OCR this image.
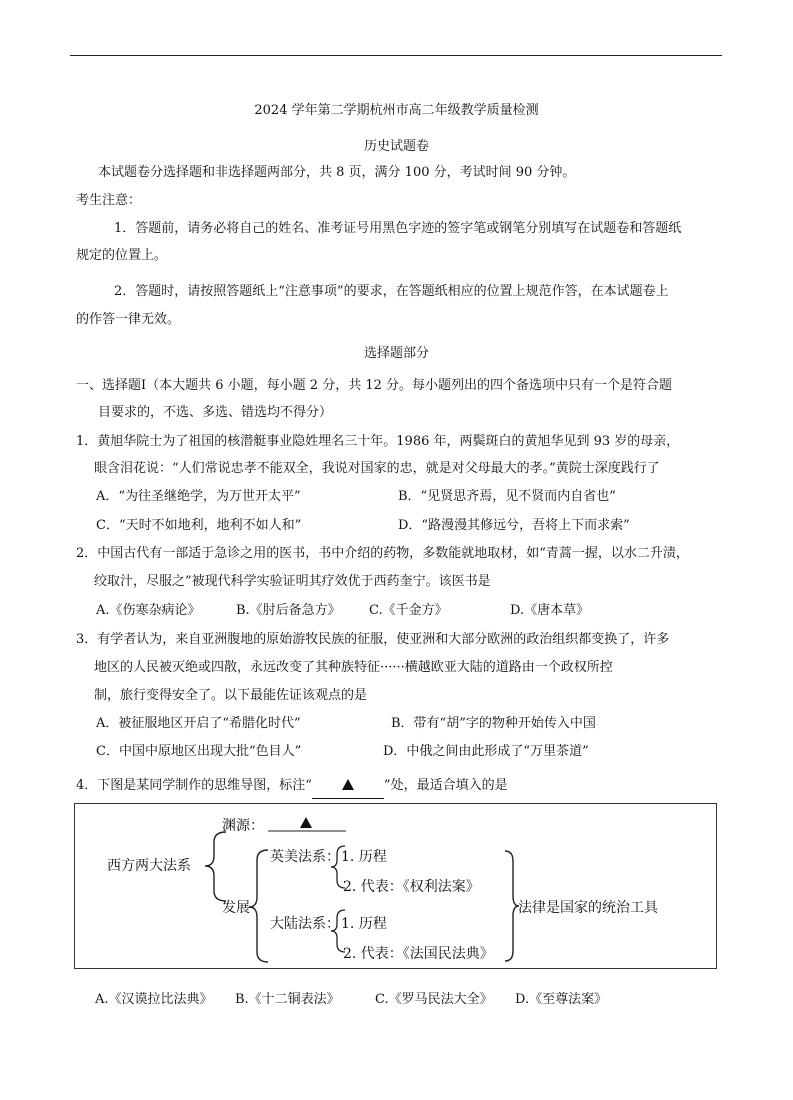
2024 学年第二学期杭州市高二年级教学质量检测
历史试题卷
本试题卷分选择题和非选择题两部分，共 8 页，满分 100 分，考试时间 90 分钟。
考生注意：
1．答题前，请务必将自己的姓名、准考证号用黑色字迹的签字笔或钢笔分别填写在试题卷和答题纸
规定的位置上。
2．答题时，请按照答题纸上“注意事项”的要求，在答题纸相应的位置上规范作答，在本试题卷上
的作答一律无效。
选择题部分
一、选择题Ⅰ（本大题共 6 小题，每小题 2 分，共 12 分。每小题列出的四个备选项中只有一个是符合题
目要求的，不选、多选、错选均不得分）
1．黄旭华院士为了祖国的核潜艇事业隐姓埋名三十年。1986 年，两鬓斑白的黄旭华见到 93 岁的母亲，
眼含泪花说：“人们常说忠孝不能双全，我说对国家的忠，就是对父母最大的孝。”黄院士深度践行了
A．“为往圣继绝学，为万世开太平”	B．“见贤思齐焉，见不贤而内自省也”
C．“天时不如地利，地利不如人和”	D．“路漫漫其修远兮，吾将上下而求索”
2．中国古代有一部适于急诊之用的医书，书中介绍的药物，多数能就地取材，如“青蒿一握，以水二升渍，
绞取汁，尽服之”被现代科学实验证明其疗效优于西药奎宁。该医书是
A.《伤寒杂病论》	B.《肘后备急方》 C.《千金方》	D.《唐本草》
3．有学者认为，来自亚洲腹地的原始游牧民族的征服，使亚洲和大部分欧洲的政治组织都变换了，许多
地区的人民被灭绝或四散，永远改变了其种族特征······横越欧亚大陆的道路由一个政权所控
制，旅行变得安全了。以下最能佐证该观点的是
A．被征服地区开启了“希腊化时代”	B．带有“胡”字的物种开始传入中国
C．中国中原地区出现大批“色目人”	D．中俄之间由此形成了“万里茶道”
4．下图是某同学制作的思维导图，标注“	”处，最适合填入的是
西方两大法系
渊源：
发展
英美法系： 1. 历程
2. 代表：《权利法案》
大陆法系： 1. 历程
2. 代表：《法国民法典》
法律是国家的统治工具
A.《汉谟拉比法典》 B.《十二铜表法》	C.《罗马民法大全》 D.《至尊法案》
